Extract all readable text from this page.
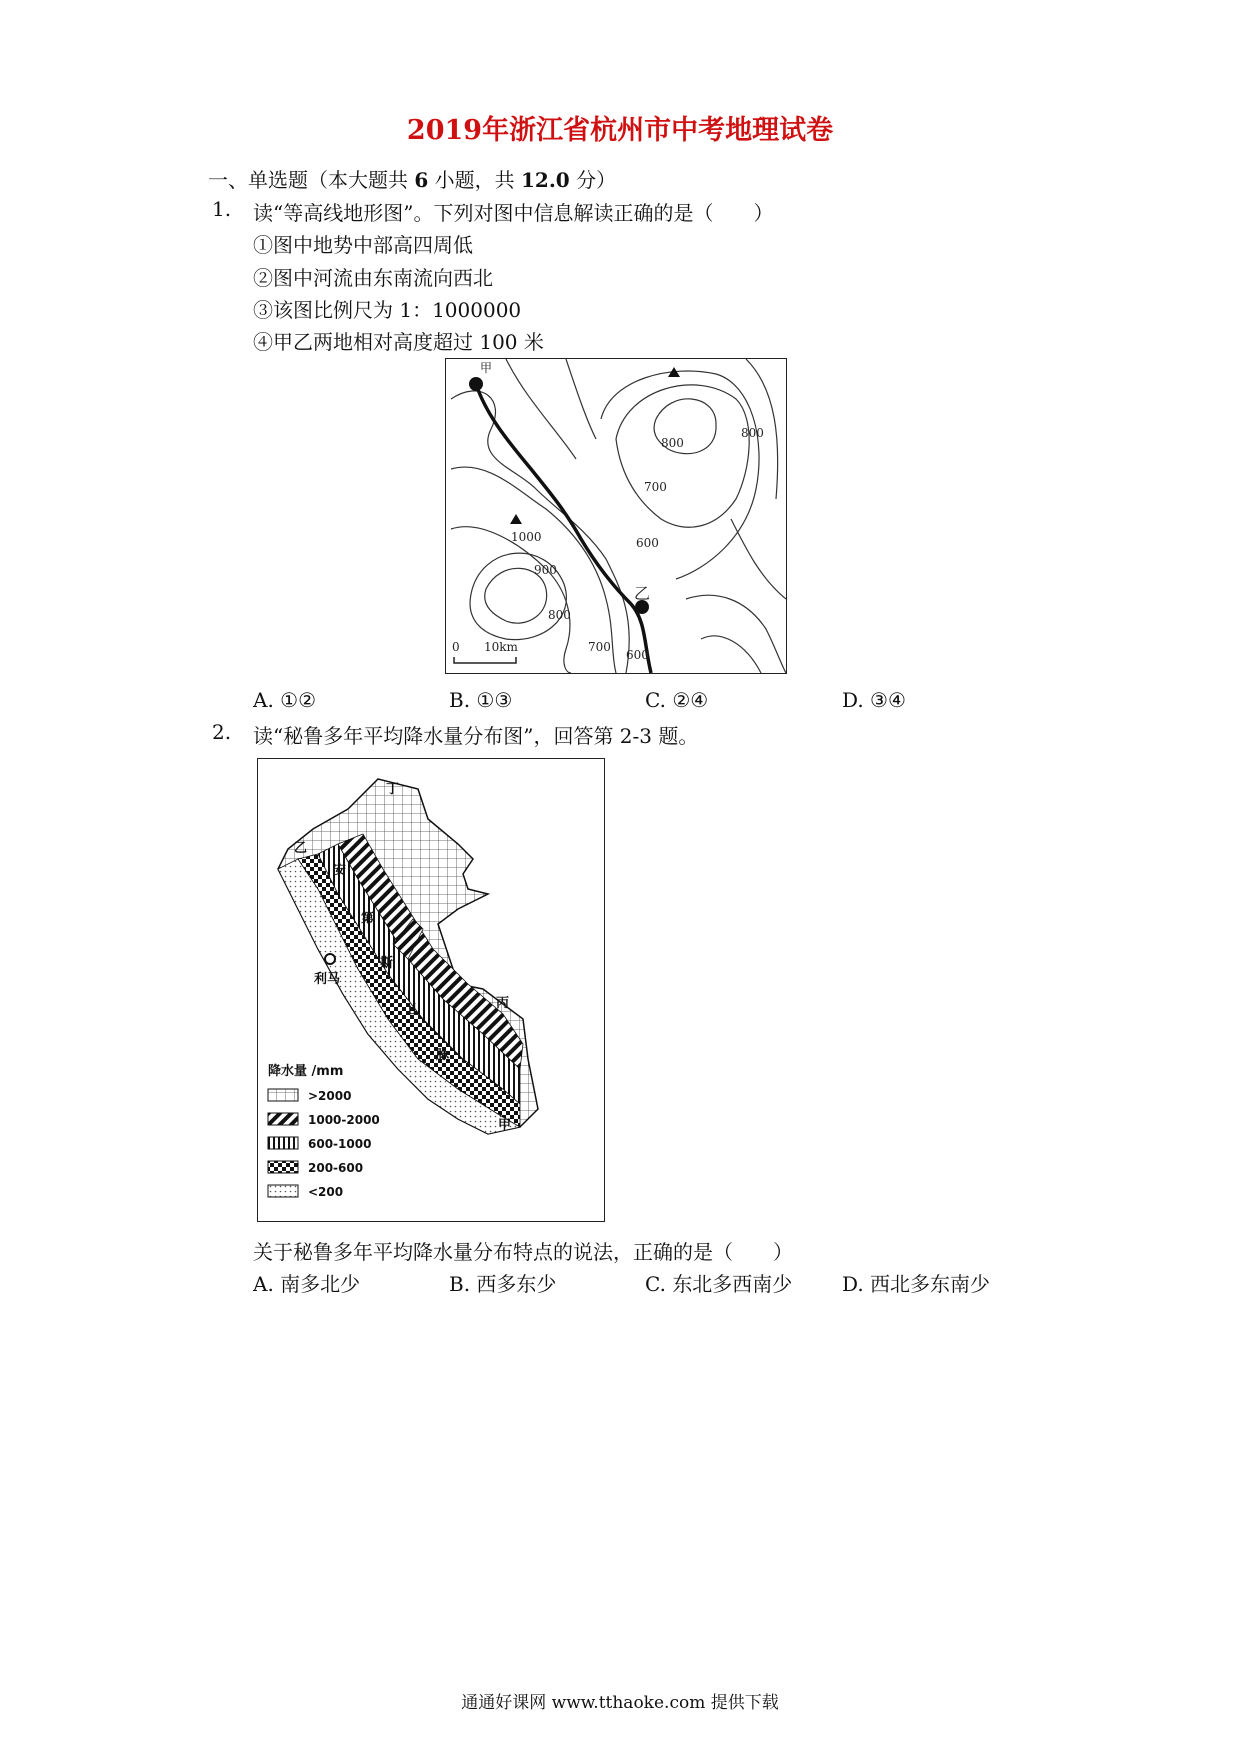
2019年浙江省杭州市中考地理试卷
一、单选题（本大题共 6 小题，共 12.0 分）
1. 读“等高线地形图”。下列对图中信息解读正确的是（　　）
①图中地势中部高四周低
②图中河流由东南流向西北
③该图比例尺为 1：1000000
④甲乙两地相对高度超过 100 米
甲
乙
800
800
700
600
1000
900
800
700
600
0 10km
A. ①②	B. ①③	C. ②④	D. ③④
2. 读“秘鲁多年平均降水量分布图”，回答第 2-3 题。
丁
乙
安
第
斯
山
脉
丙
利马
甲
降水量 /mm
>2000
1000-2000
600-1000
200-600
<200
关于秘鲁多年平均降水量分布特点的说法，正确的是（　　）
A. 南多北少	B. 西多东少	C. 东北多西南少 D. 西北多东南少
通通好课网 www.tthaoke.com 提供下载
